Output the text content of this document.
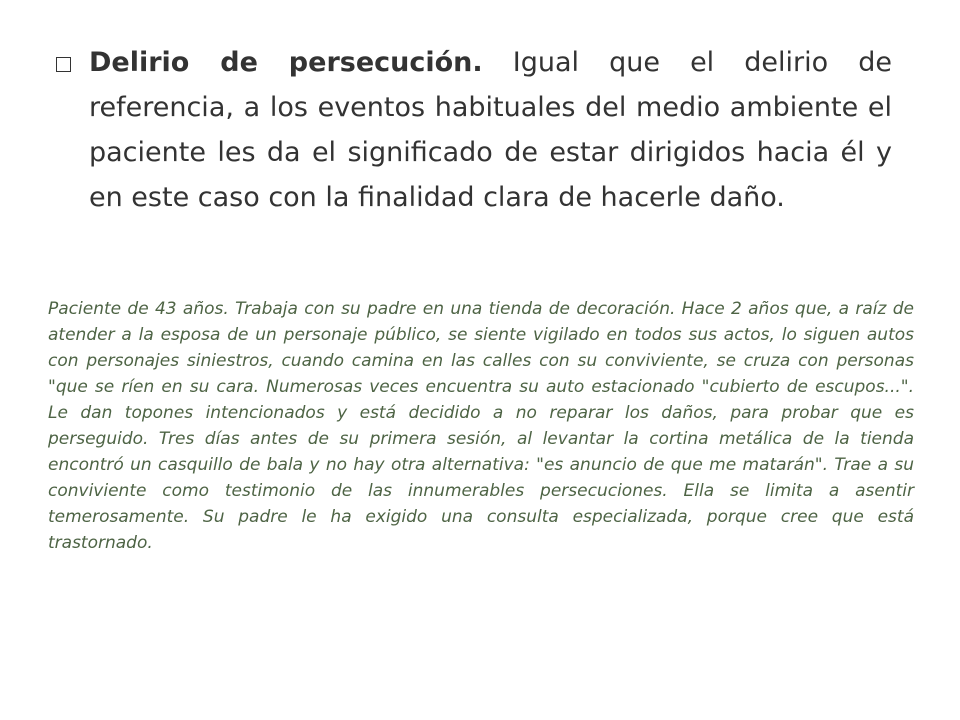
Delirio de persecución. Igual que el delirio de referencia, a los eventos habituales del medio ambiente el paciente les da el significado de estar dirigidos hacia él y en este caso con la finalidad clara de hacerle daño.

Paciente de 43 años. Trabaja con su padre en una tienda de decoración. Hace 2 años que, a raíz de atender a la esposa de un personaje público, se siente vigilado en todos sus actos, lo siguen autos con personajes siniestros, cuando camina en las calles con su conviviente, se cruza con personas "que se ríen en su cara. Numerosas veces encuentra su auto estacionado "cubierto de escupos...". Le dan topones intencionados y está decidido a no reparar los daños, para probar que es perseguido. Tres días antes de su primera sesión, al levantar la cortina metálica de la tienda encontró un casquillo de bala y no hay otra alternativa: "es anuncio de que me matarán". Trae a su conviviente como testimonio de las innumerables persecuciones. Ella se limita a asentir temerosamente. Su padre le ha exigido una consulta especializada, porque cree que está trastornado.
